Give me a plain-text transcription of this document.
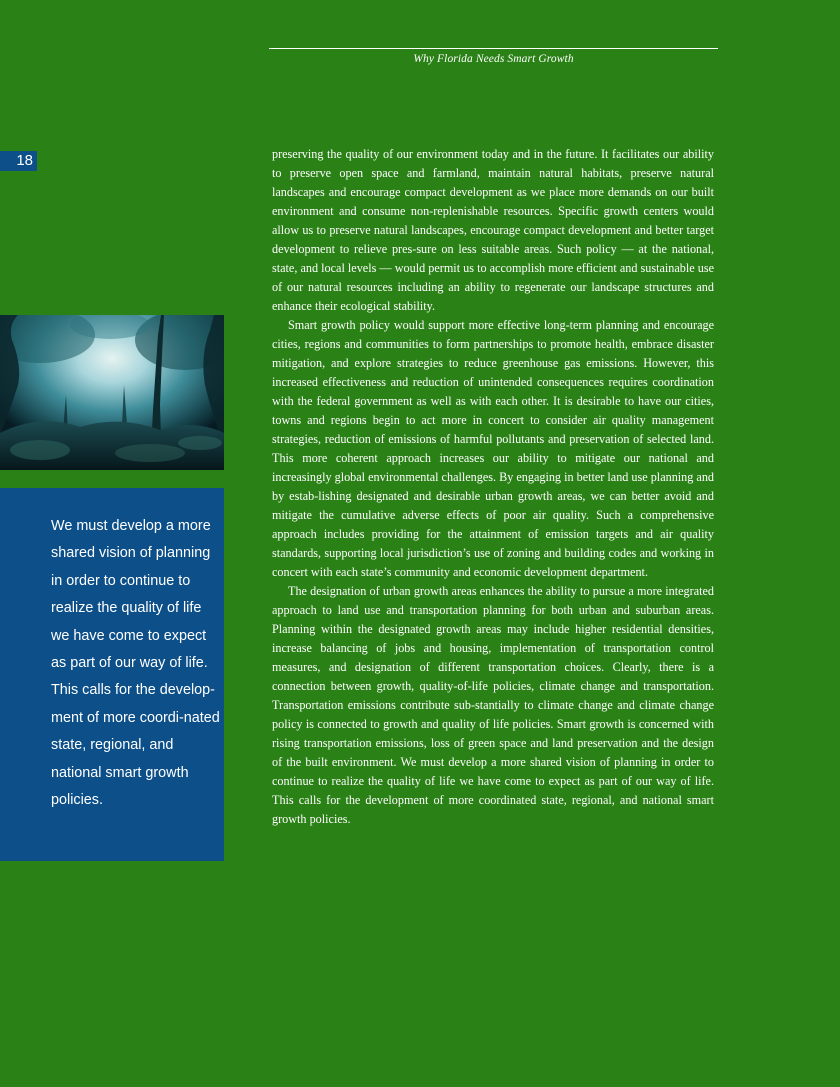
Why Florida Needs Smart Growth
18

We must develop a more shared vision of planning in order to continue to realize the quality of life we have come to expect as part of our way of life. This calls for the develop-ment of more coordi-nated state, regional, and national smart growth policies.

preserving the quality of our environment today and in the future. It facilitates our ability to preserve open space and farmland, maintain natural habitats, preserve natural landscapes and encourage compact development as we place more demands on our built environment and consume non-replenishable resources. Specific growth centers would allow us to preserve natural landscapes, encourage compact development and better target development to relieve pres-sure on less suitable areas. Such policy — at the national, state, and local levels — would permit us to accomplish more efficient and sustainable use of our natural resources including an ability to regenerate our landscape structures and enhance their ecological stability.

Smart growth policy would support more effective long-term planning and encourage cities, regions and communities to form partnerships to promote health, embrace disaster mitigation, and explore strategies to reduce greenhouse gas emissions. However, this increased effectiveness and reduction of unintended consequences requires coordination with the federal government as well as with each other. It is desirable to have our cities, towns and regions begin to act more in concert to consider air quality management strategies, reduction of emissions of harmful pollutants and preservation of selected land. This more coherent approach increases our ability to mitigate our national and increasingly global environmental challenges. By engaging in better land use planning and by estab-lishing designated and desirable urban growth areas, we can better avoid and mitigate the cumulative adverse effects of poor air quality. Such a comprehensive approach includes providing for the attainment of emission targets and air quality standards, supporting local jurisdiction’s use of zoning and building codes and working in concert with each state’s community and economic development department.

The designation of urban growth areas enhances the ability to pursue a more integrated approach to land use and transportation planning for both urban and suburban areas. Planning within the designated growth areas may include higher residential densities, increase balancing of jobs and housing, implementation of transportation control measures, and designation of different transportation choices. Clearly, there is a connection between growth, quality-of-life policies, climate change and transportation. Transportation emissions contribute sub-stantially to climate change and climate change policy is connected to growth and quality of life policies. Smart growth is concerned with rising transportation emissions, loss of green space and land preservation and the design of the built environment. We must develop a more shared vision of planning in order to continue to realize the quality of life we have come to expect as part of our way of life. This calls for the development of more coordinated state, regional, and national smart growth policies.
